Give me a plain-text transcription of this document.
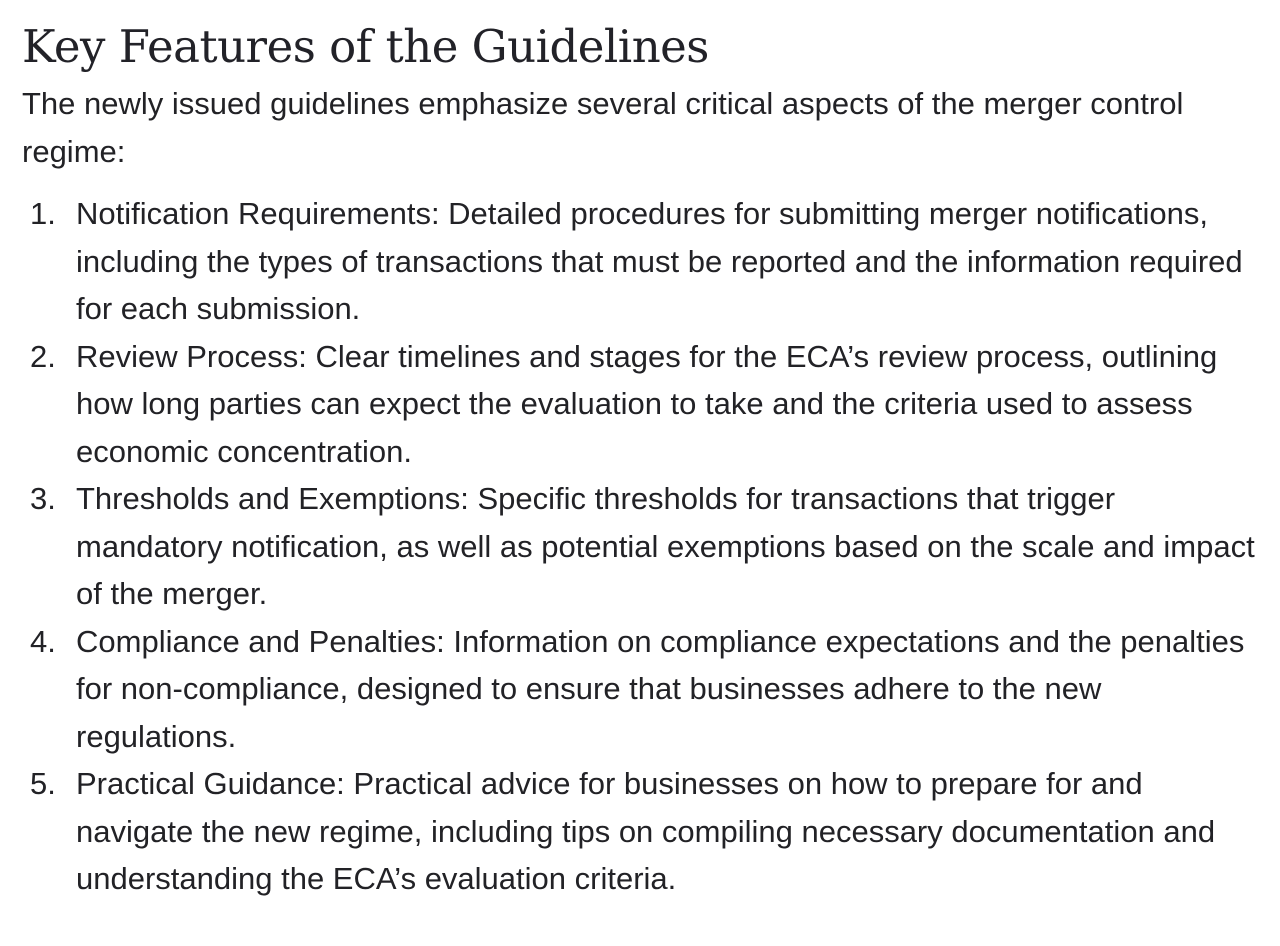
Key Features of the Guidelines

The newly issued guidelines emphasize several critical aspects of the merger control regime:

1. Notification Requirements: Detailed procedures for submitting merger notifications, including the types of transactions that must be reported and the information required for each submission.
2. Review Process: Clear timelines and stages for the ECA’s review process, outlining how long parties can expect the evaluation to take and the criteria used to assess economic concentration.
3. Thresholds and Exemptions: Specific thresholds for transactions that trigger mandatory notification, as well as potential exemptions based on the scale and impact of the merger.
4. Compliance and Penalties: Information on compliance expectations and the penalties for non-compliance, designed to ensure that businesses adhere to the new regulations.
5. Practical Guidance: Practical advice for businesses on how to prepare for and navigate the new regime, including tips on compiling necessary documentation and understanding the ECA’s evaluation criteria.
